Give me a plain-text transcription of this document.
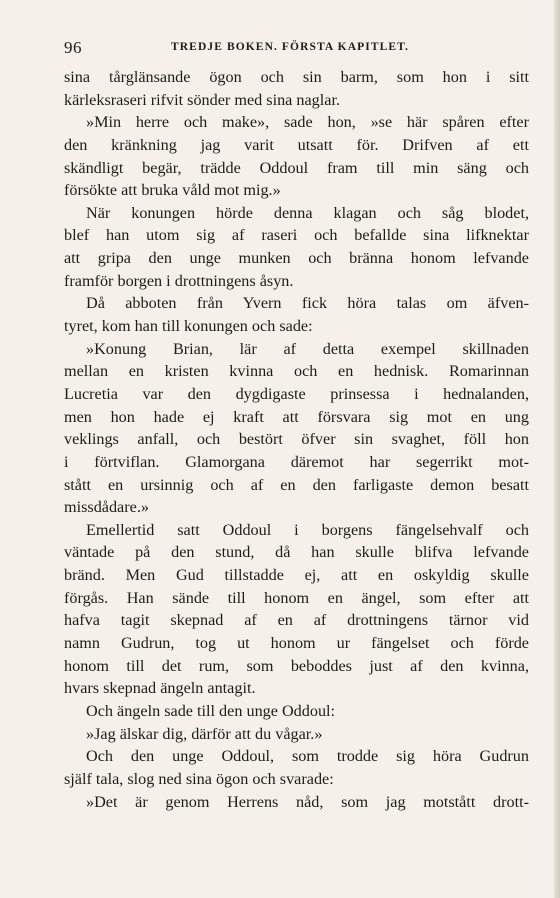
96	TREDJE BOKEN. FÖRSTA KAPITLET.
sina tårglänsande ögon och sin barm, som hon i sitt
kärleksraseri rifvit sönder med sina naglar.
»Min herre och make», sade hon, »se här spåren efter
den kränkning jag varit utsatt för. Drifven af ett
skändligt begär, trädde Oddoul fram till min säng och
försökte att bruka våld mot mig.»
När konungen hörde denna klagan och såg blodet,
blef han utom sig af raseri och befallde sina lifknektar
att gripa den unge munken och bränna honom lefvande
framför borgen i drottningens åsyn.
Då abboten från Yvern fick höra talas om äfven-
tyret, kom han till konungen och sade:
»Konung Brian, lär af detta exempel skillnaden
mellan en kristen kvinna och en hednisk. Romarinnan
Lucretia var den dygdigaste prinsessa i hednalanden,
men hon hade ej kraft att försvara sig mot en ung
veklings anfall, och bestört öfver sin svaghet, föll hon
i förtviflan. Glamorgana däremot har segerrikt mot-
stått en ursinnig och af en den farligaste demon besatt
missdådare.»
Emellertid satt Oddoul i borgens fängelsehvalf och
väntade på den stund, då han skulle blifva lefvande
bränd. Men Gud tillstadde ej, att en oskyldig skulle
förgås. Han sände till honom en ängel, som efter att
hafva tagit skepnad af en af drottningens tärnor vid
namn Gudrun, tog ut honom ur fängelset och förde
honom till det rum, som beboddes just af den kvinna,
hvars skepnad ängeln antagit.
Och ängeln sade till den unge Oddoul:
»Jag älskar dig, därför att du vågar.»
Och den unge Oddoul, som trodde sig höra Gudrun
själf tala, slog ned sina ögon och svarade:
»Det är genom Herrens nåd, som jag motstått drott-
